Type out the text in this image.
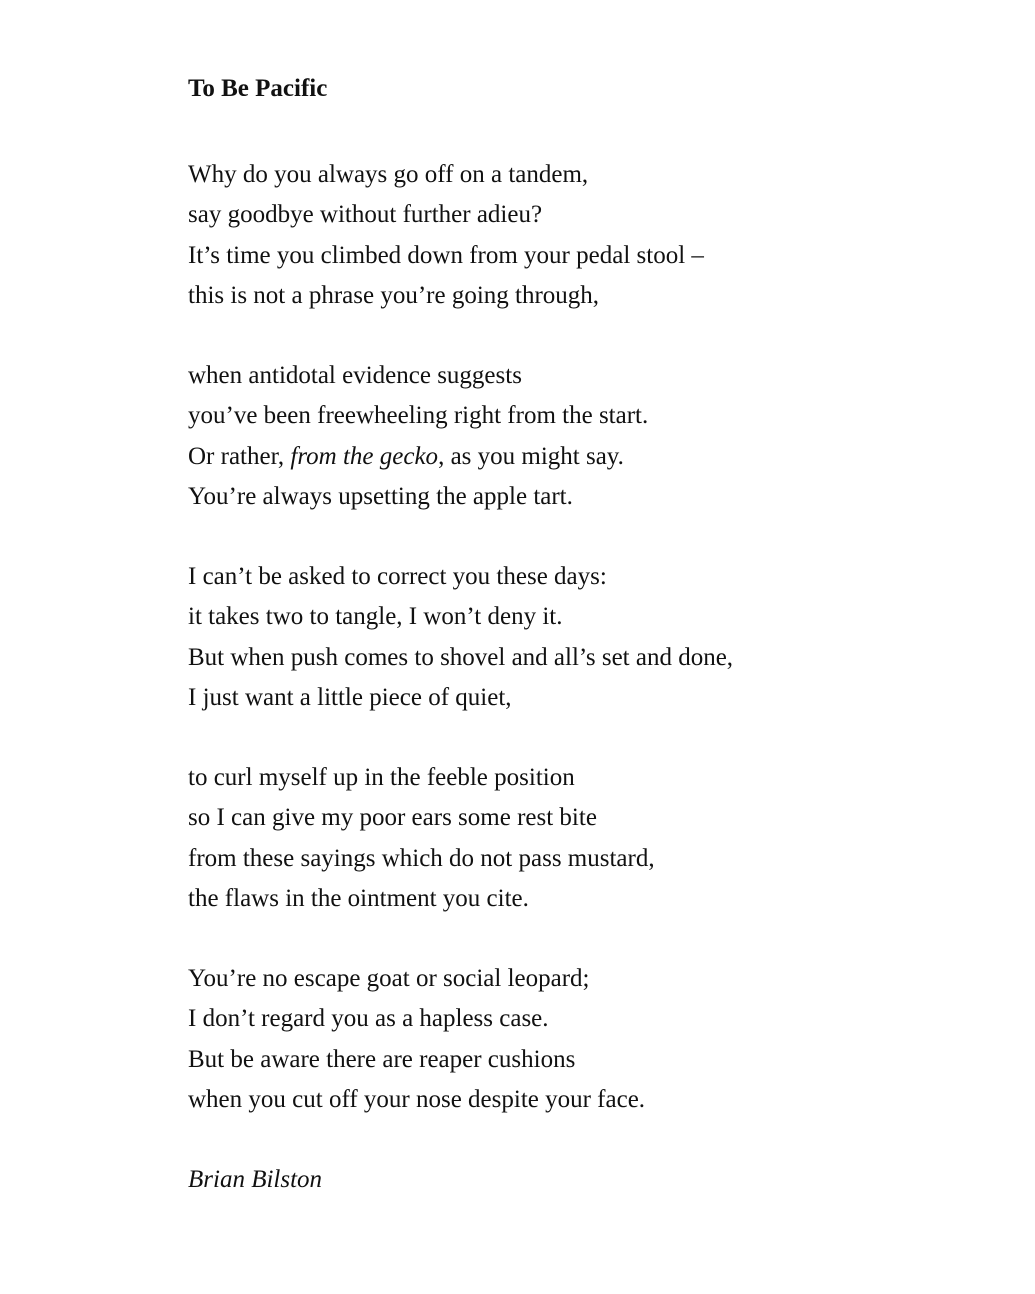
To Be Pacific
Why do you always go off on a tandem,
say goodbye without further adieu?
It’s time you climbed down from your pedal stool –
this is not a phrase you’re going through,
when antidotal evidence suggests
you’ve been freewheeling right from the start.
Or rather, from the gecko, as you might say.
You’re always upsetting the apple tart.
I can’t be asked to correct you these days:
it takes two to tangle, I won’t deny it.
But when push comes to shovel and all’s set and done,
I just want a little piece of quiet,
to curl myself up in the feeble position
so I can give my poor ears some rest bite
from these sayings which do not pass mustard,
the flaws in the ointment you cite.
You’re no escape goat or social leopard;
I don’t regard you as a hapless case.
But be aware there are reaper cushions
when you cut off your nose despite your face.

Brian Bilston
